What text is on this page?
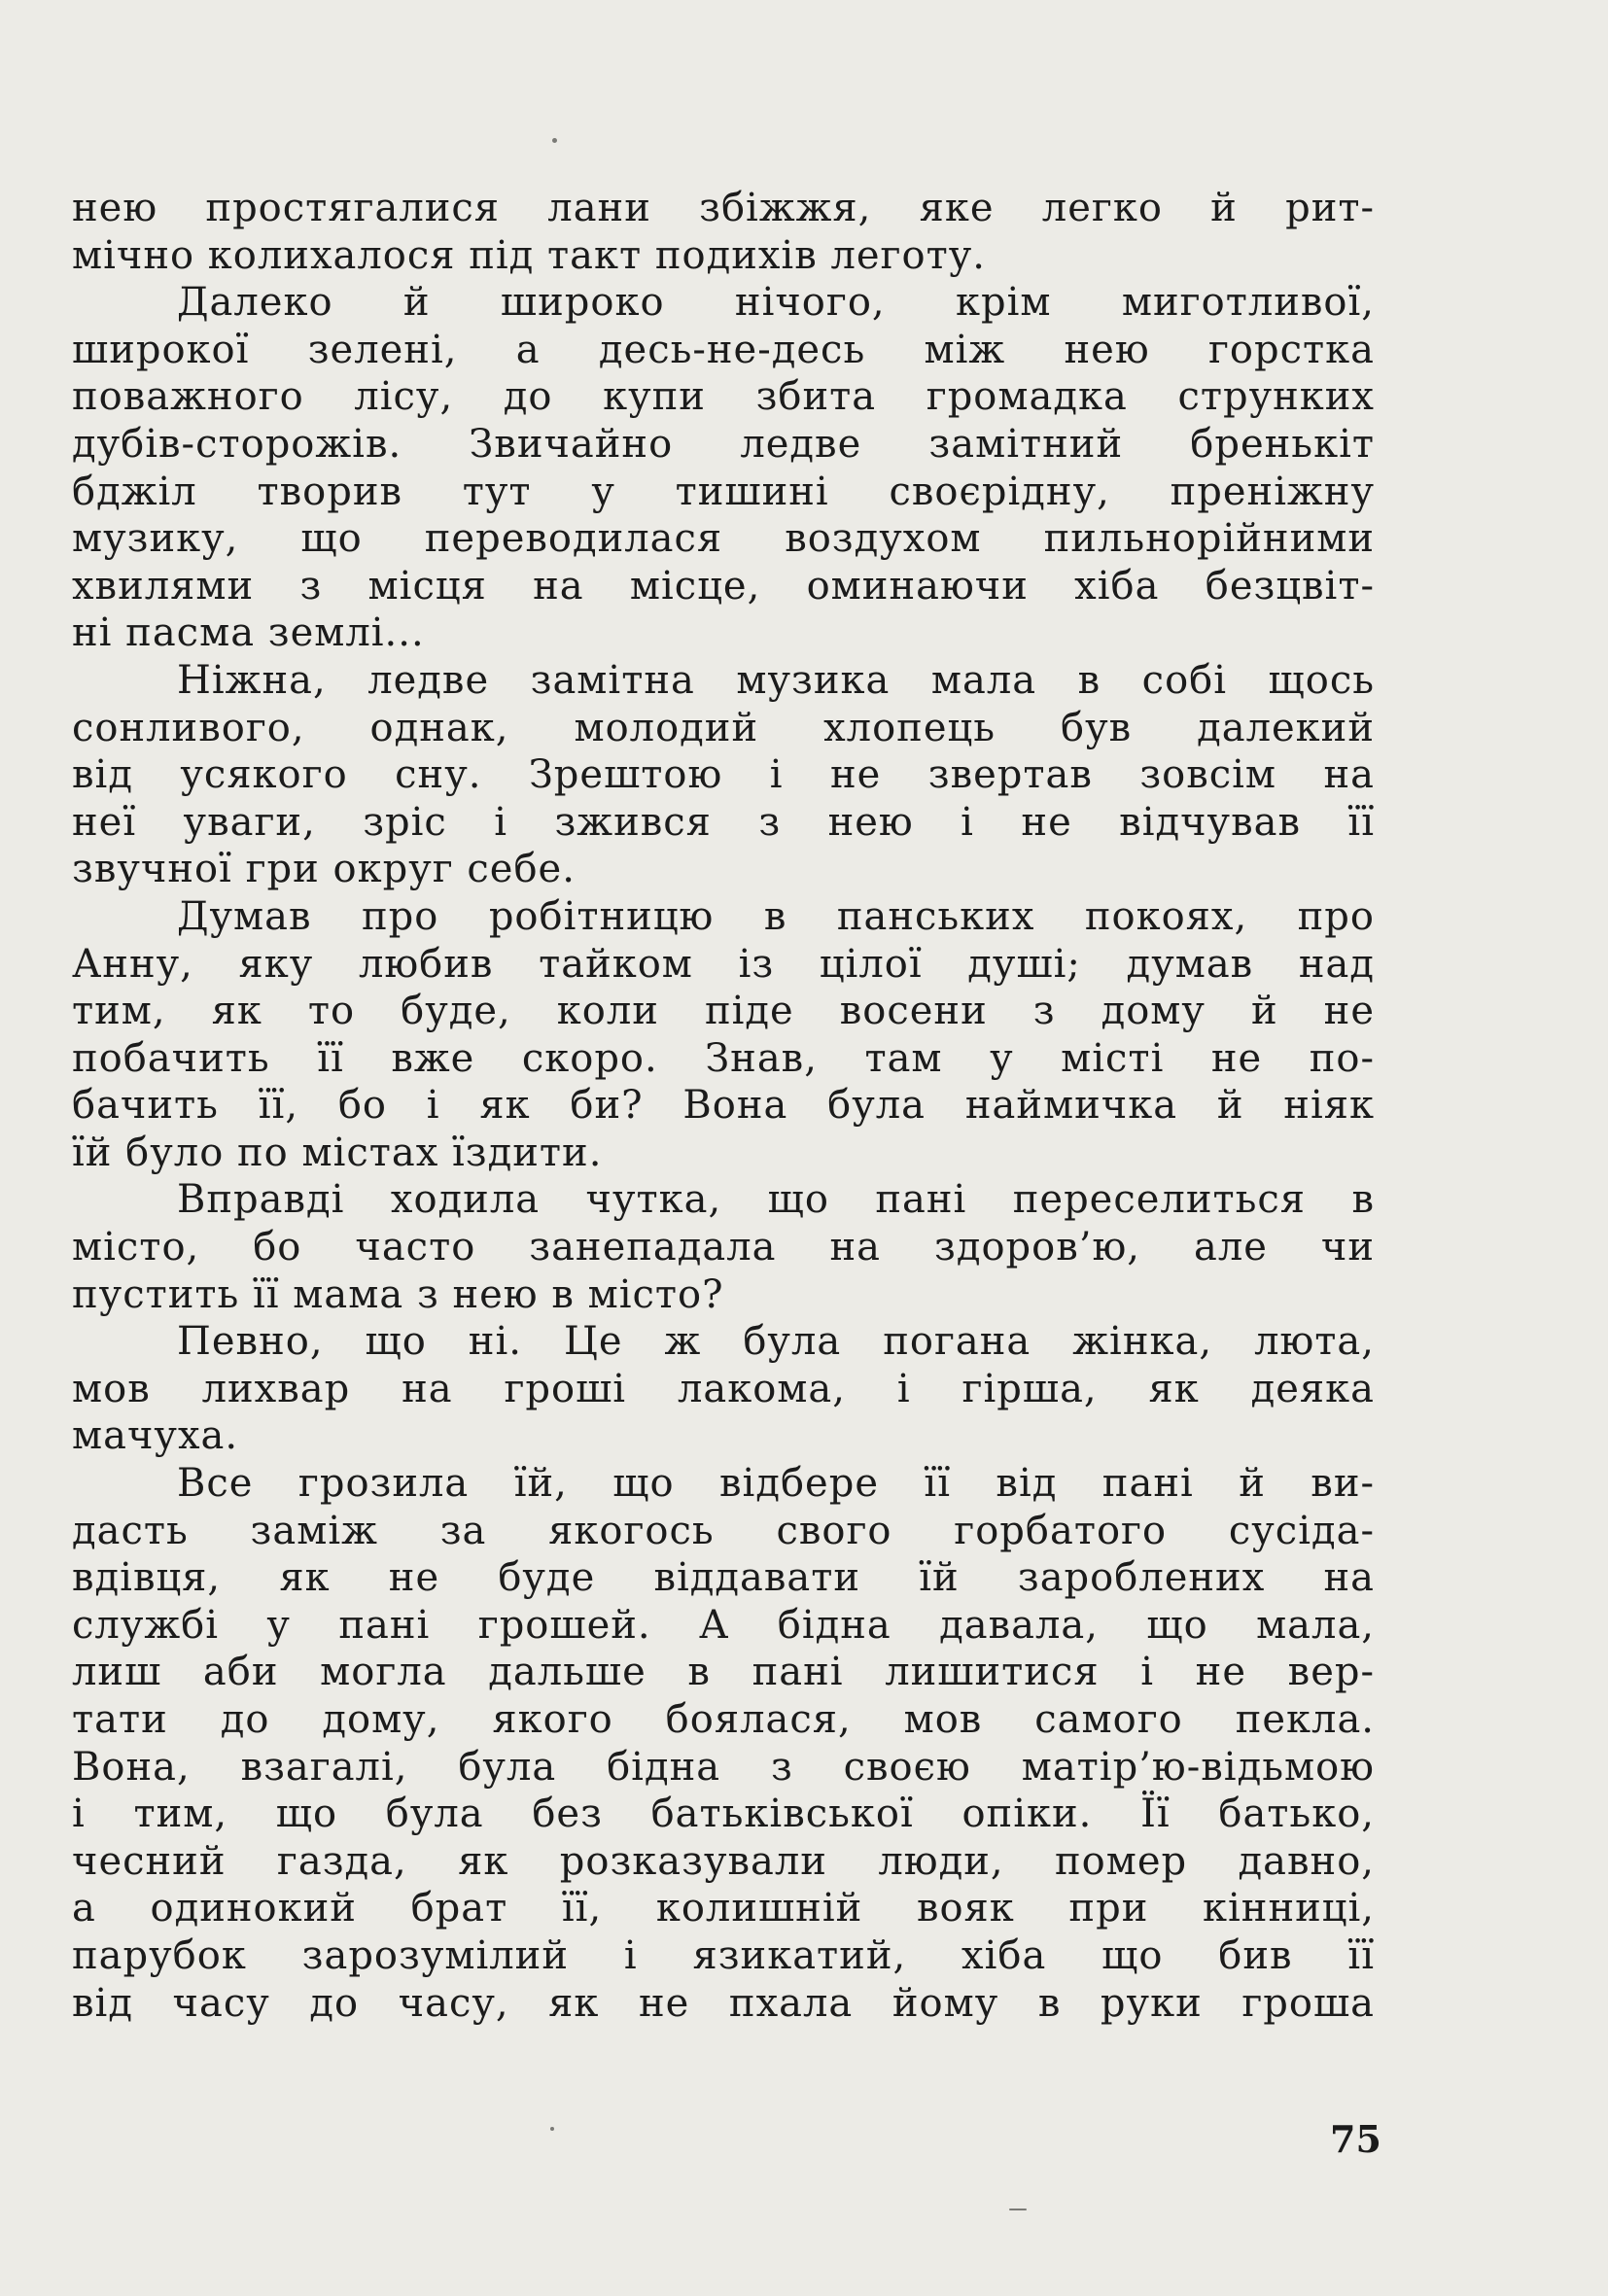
нею простягалися лани збіжжя, яке легко й рит-
мічно колихалося під такт подихів леготу.
Далеко й широко нічого, крім миготливої,
широкої зелені, а десь-не-десь між нею горстка
поважного лісу, до купи збита громадка струнких
дубів-сторожів. Звичайно ледве замітний бренькіт
бджіл творив тут у тишині своєрідну, преніжну
музику, що переводилася воздухом пильнорійними
хвилями з місця на місце, оминаючи хіба безцвіт-
ні пасма землі...
Ніжна, ледве замітна музика мала в собі щось
сонливого, однак, молодий хлопець був далекий
від усякого сну. Зрештою і не звертав зовсім на
неї уваги, зріс і зжився з нею і не відчував її
звучної гри округ себе.
Думав про робітницю в панських покоях, про
Анну, яку любив тайком із цілої душі; думав над
тим, як то буде, коли піде восени з дому й не
побачить її вже скоро. Знав, там у місті не по-
бачить її, бо і як би? Вона була наймичка й ніяк
їй було по містах їздити.
Вправді ходила чутка, що пані переселиться в
місто, бо часто занепадала на здоров’ю, але чи
пустить її мама з нею в місто?
Певно, що ні. Це ж була погана жінка, люта,
мов лихвар на гроші лакома, і гірша, як деяка
мачуха.
Все грозила їй, що відбере її від пані й ви-
дасть заміж за якогось свого горбатого сусіда-
вдівця, як не буде віддавати їй зароблених на
службі у пані грошей. А бідна давала, що мала,
лиш аби могла дальше в пані лишитися і не вер-
тати до дому, якого боялася, мов самого пекла.
Вона, взагалі, була бідна з своєю матір’ю-відьмою
і тим, що була без батьківської опіки. Її батько,
чесний газда, як розказували люди, помер давно,
а одинокий брат її, колишній вояк при кінниці,
парубок зарозумілий і язикатий, хіба що бив її
від часу до часу, як не пхала йому в руки гроша
75
